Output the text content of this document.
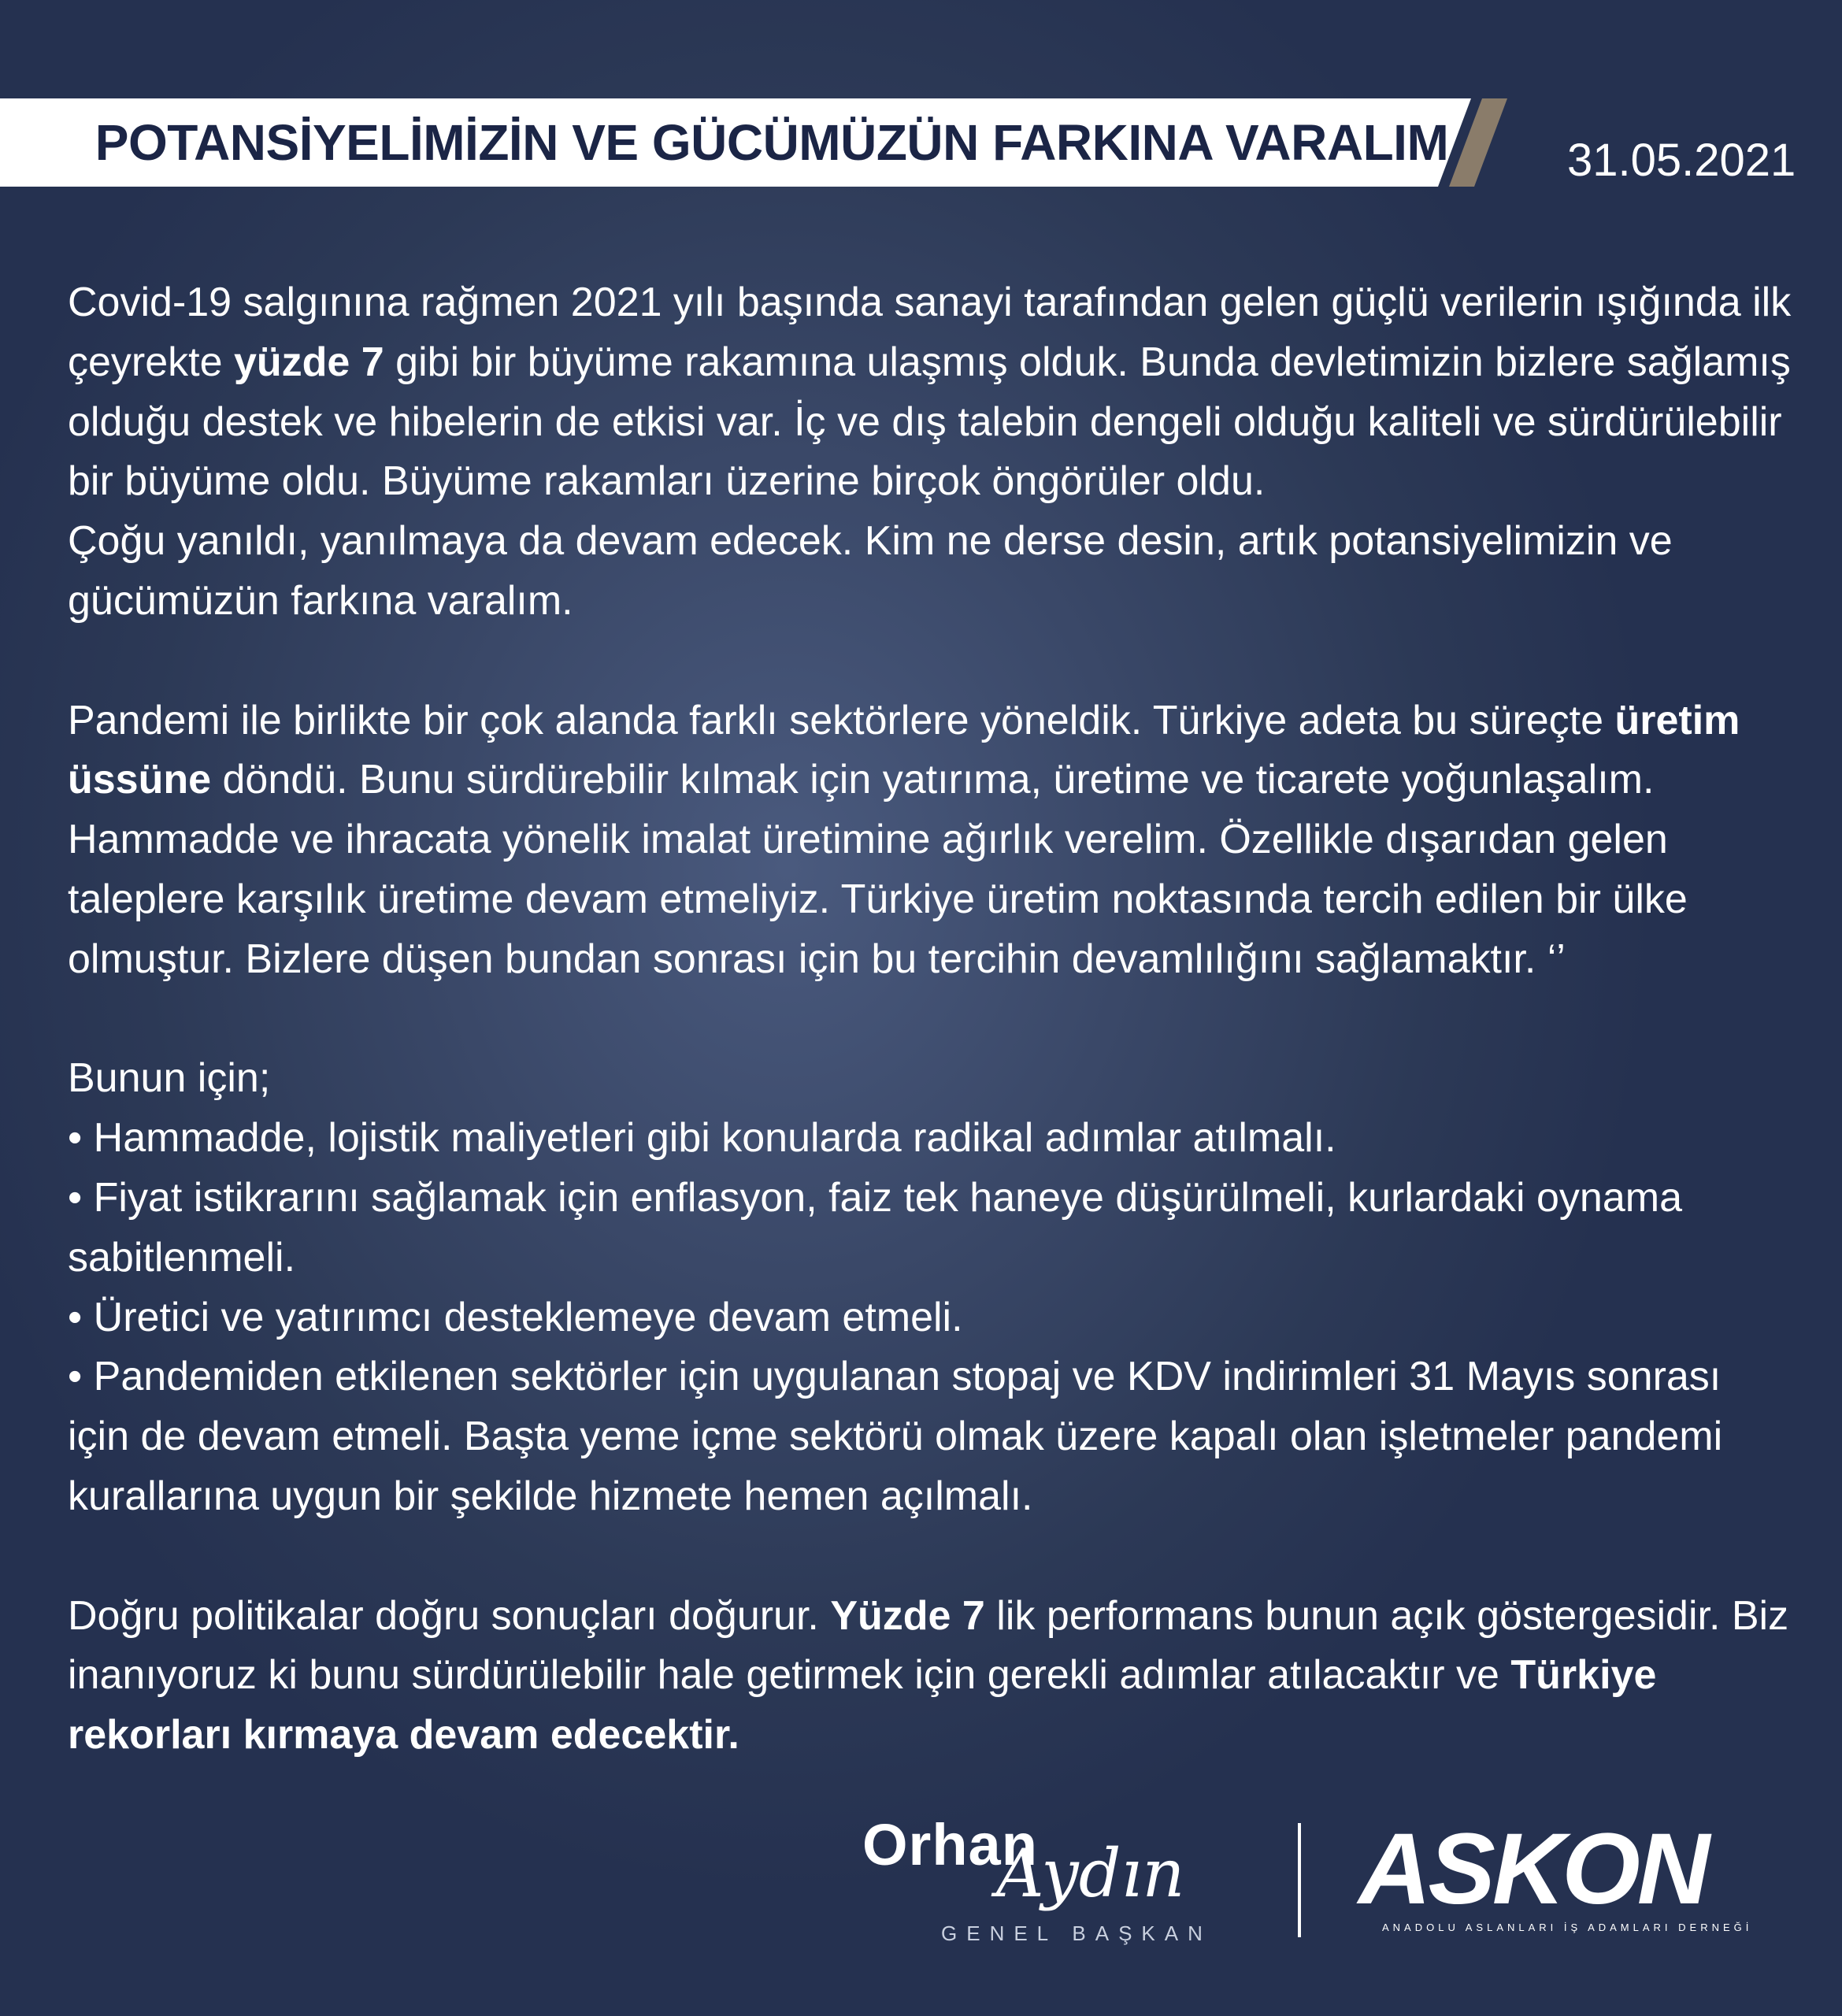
POTANSİYELİMİZİN VE GÜCÜMÜZÜN FARKINA VARALIM	31.05.2021

Covid-19 salgınına rağmen 2021 yılı başında sanayi tarafından gelen güçlü verilerin ışığında ilk çeyrekte yüzde 7 gibi bir büyüme rakamına ulaşmış olduk. Bunda devletimizin bizlere sağlamış olduğu destek ve hibelerin de etkisi var. İç ve dış talebin dengeli olduğu kaliteli ve sürdürülebilir bir büyüme oldu. Büyüme rakamları üzerine birçok öngörüler oldu.

Çoğu yanıldı, yanılmaya da devam edecek. Kim ne derse desin, artık potansiyelimizin ve gücümüzün farkına varalım.

Pandemi ile birlikte bir çok alanda farklı sektörlere yöneldik. Türkiye adeta bu süreçte üretim üssüne döndü. Bunu sürdürebilir kılmak için yatırıma, üretime ve ticarete yoğunlaşalım. Hammadde ve ihracata yönelik imalat üretimine ağırlık verelim. Özellikle dışarıdan gelen taleplere karşılık üretime devam etmeliyiz. Türkiye üretim noktasında tercih edilen bir ülke olmuştur. Bizlere düşen bundan sonrası için bu tercihin devamlılığını sağlamaktır. ‘’

Bunun için;

• Hammadde, lojistik maliyetleri gibi konularda radikal adımlar atılmalı.

• Fiyat istikrarını sağlamak için enflasyon, faiz tek haneye düşürülmeli, kurlardaki oynama sabitlenmeli.

• Üretici ve yatırımcı desteklemeye devam etmeli.

• Pandemiden etkilenen sektörler için uygulanan stopaj ve KDV indirimleri 31 Mayıs sonrası için de devam etmeli. Başta yeme içme sektörü olmak üzere kapalı olan işletmeler pandemi kurallarına uygun bir şekilde hizmete hemen açılmalı.

Doğru politikalar doğru sonuçları doğurur. Yüzde 7 lik performans bunun açık göstergesidir. Biz inanıyoruz ki bunu sürdürülebilir hale getirmek için gerekli adımlar atılacaktır ve Türkiye rekorları kırmaya devam edecektir.

Orhan
Aydın
GENEL BAŞKAN
ASKON
ANADOLU ASLANLARI İŞ ADAMLARI DERNEĞİ
